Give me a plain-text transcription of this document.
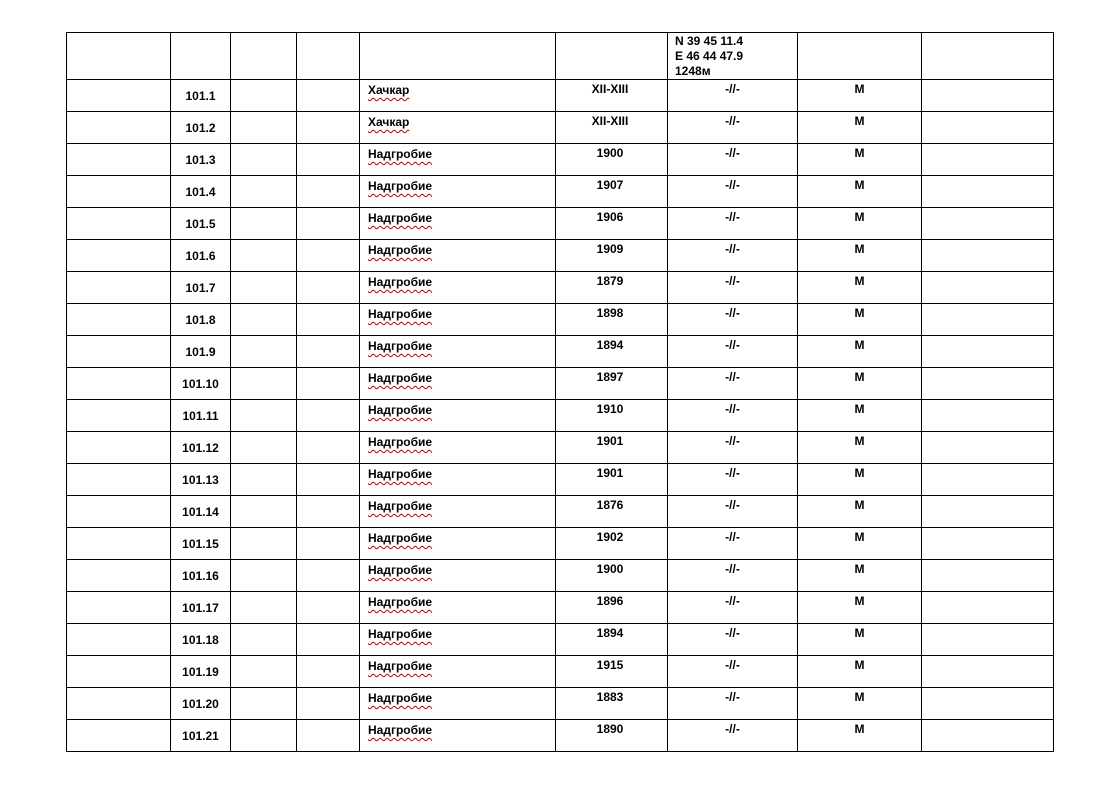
						N 39 45 11.4
E 46 44 47.9
1248м		

	101.1			Хачкар	XII-XIII	-//-	М	
	101.2			Хачкар	XII-XIII	-//-	М	
	101.3			Надгробие	1900	-//-	М	
	101.4			Надгробие	1907	-//-	М	
	101.5			Надгробие	1906	-//-	М	
	101.6			Надгробие	1909	-//-	М	
	101.7			Надгробие	1879	-//-	М	
	101.8			Надгробие	1898	-//-	М	
	101.9			Надгробие	1894	-//-	М	
	101.10			Надгробие	1897	-//-	М	
	101.11			Надгробие	1910	-//-	М	
	101.12			Надгробие	1901	-//-	М	
	101.13			Надгробие	1901	-//-	М	
	101.14			Надгробие	1876	-//-	М	
	101.15			Надгробие	1902	-//-	М	
	101.16			Надгробие	1900	-//-	М	
	101.17			Надгробие	1896	-//-	М	
	101.18			Надгробие	1894	-//-	М	
	101.19			Надгробие	1915	-//-	М	
	101.20			Надгробие	1883	-//-	М	
	101.21			Надгробие	1890	-//-	М	
